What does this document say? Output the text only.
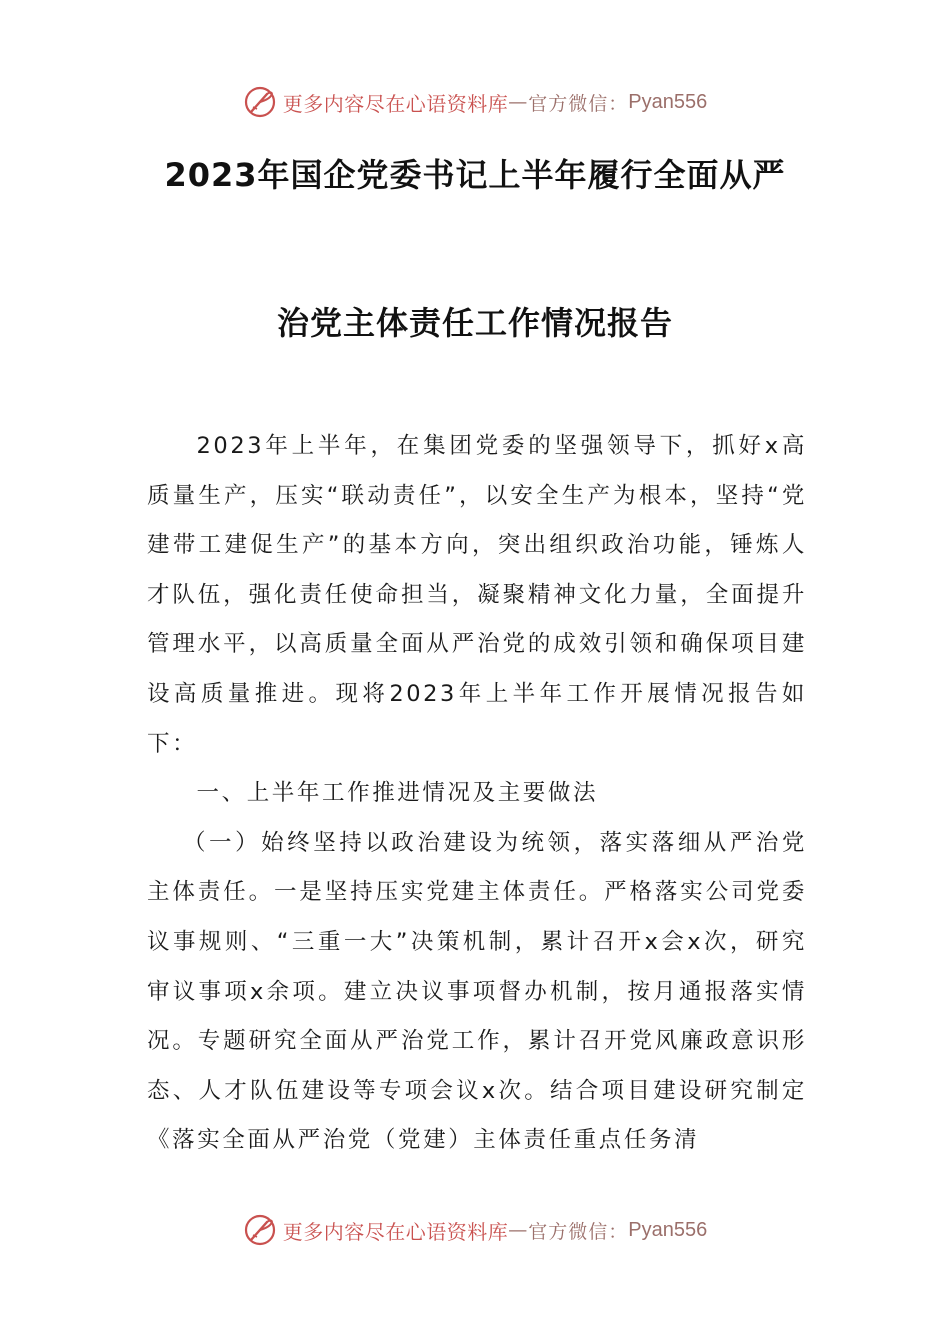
更多内容尽在心语资料库 — 官方微信： Pyan556
2023年国企党委书记上半年履行全面从严
治党主体责任工作情况报告

2023年上半年，在集团党委的坚强领导下，抓好x高质量生产，压实“联动责任”，以安全生产为根本，坚持“党建带工建促生产”的基本方向，突出组织政治功能，锤炼人才队伍，强化责任使命担当，凝聚精神文化力量，全面提升管理水平，以高质量全面从严治党的成效引领和确保项目建设高质量推进。现将2023年上半年工作开展情况报告如下：

一、上半年工作推进情况及主要做法

（一）始终坚持以政治建设为统领，落实落细从严治党主体责任。一是坚持压实党建主体责任。严格落实公司党委议事规则、“三重一大”决策机制，累计召开x会x次，研究审议事项x余项。建立决议事项督办机制，按月通报落实情况。专题研究全面从严治党工作，累计召开党风廉政意识形态、人才队伍建设等专项会议x次。结合项目建设研究制定《落实全面从严治党（党建）主体责任重点任务清

更多内容尽在心语资料库 — 官方微信： Pyan556
